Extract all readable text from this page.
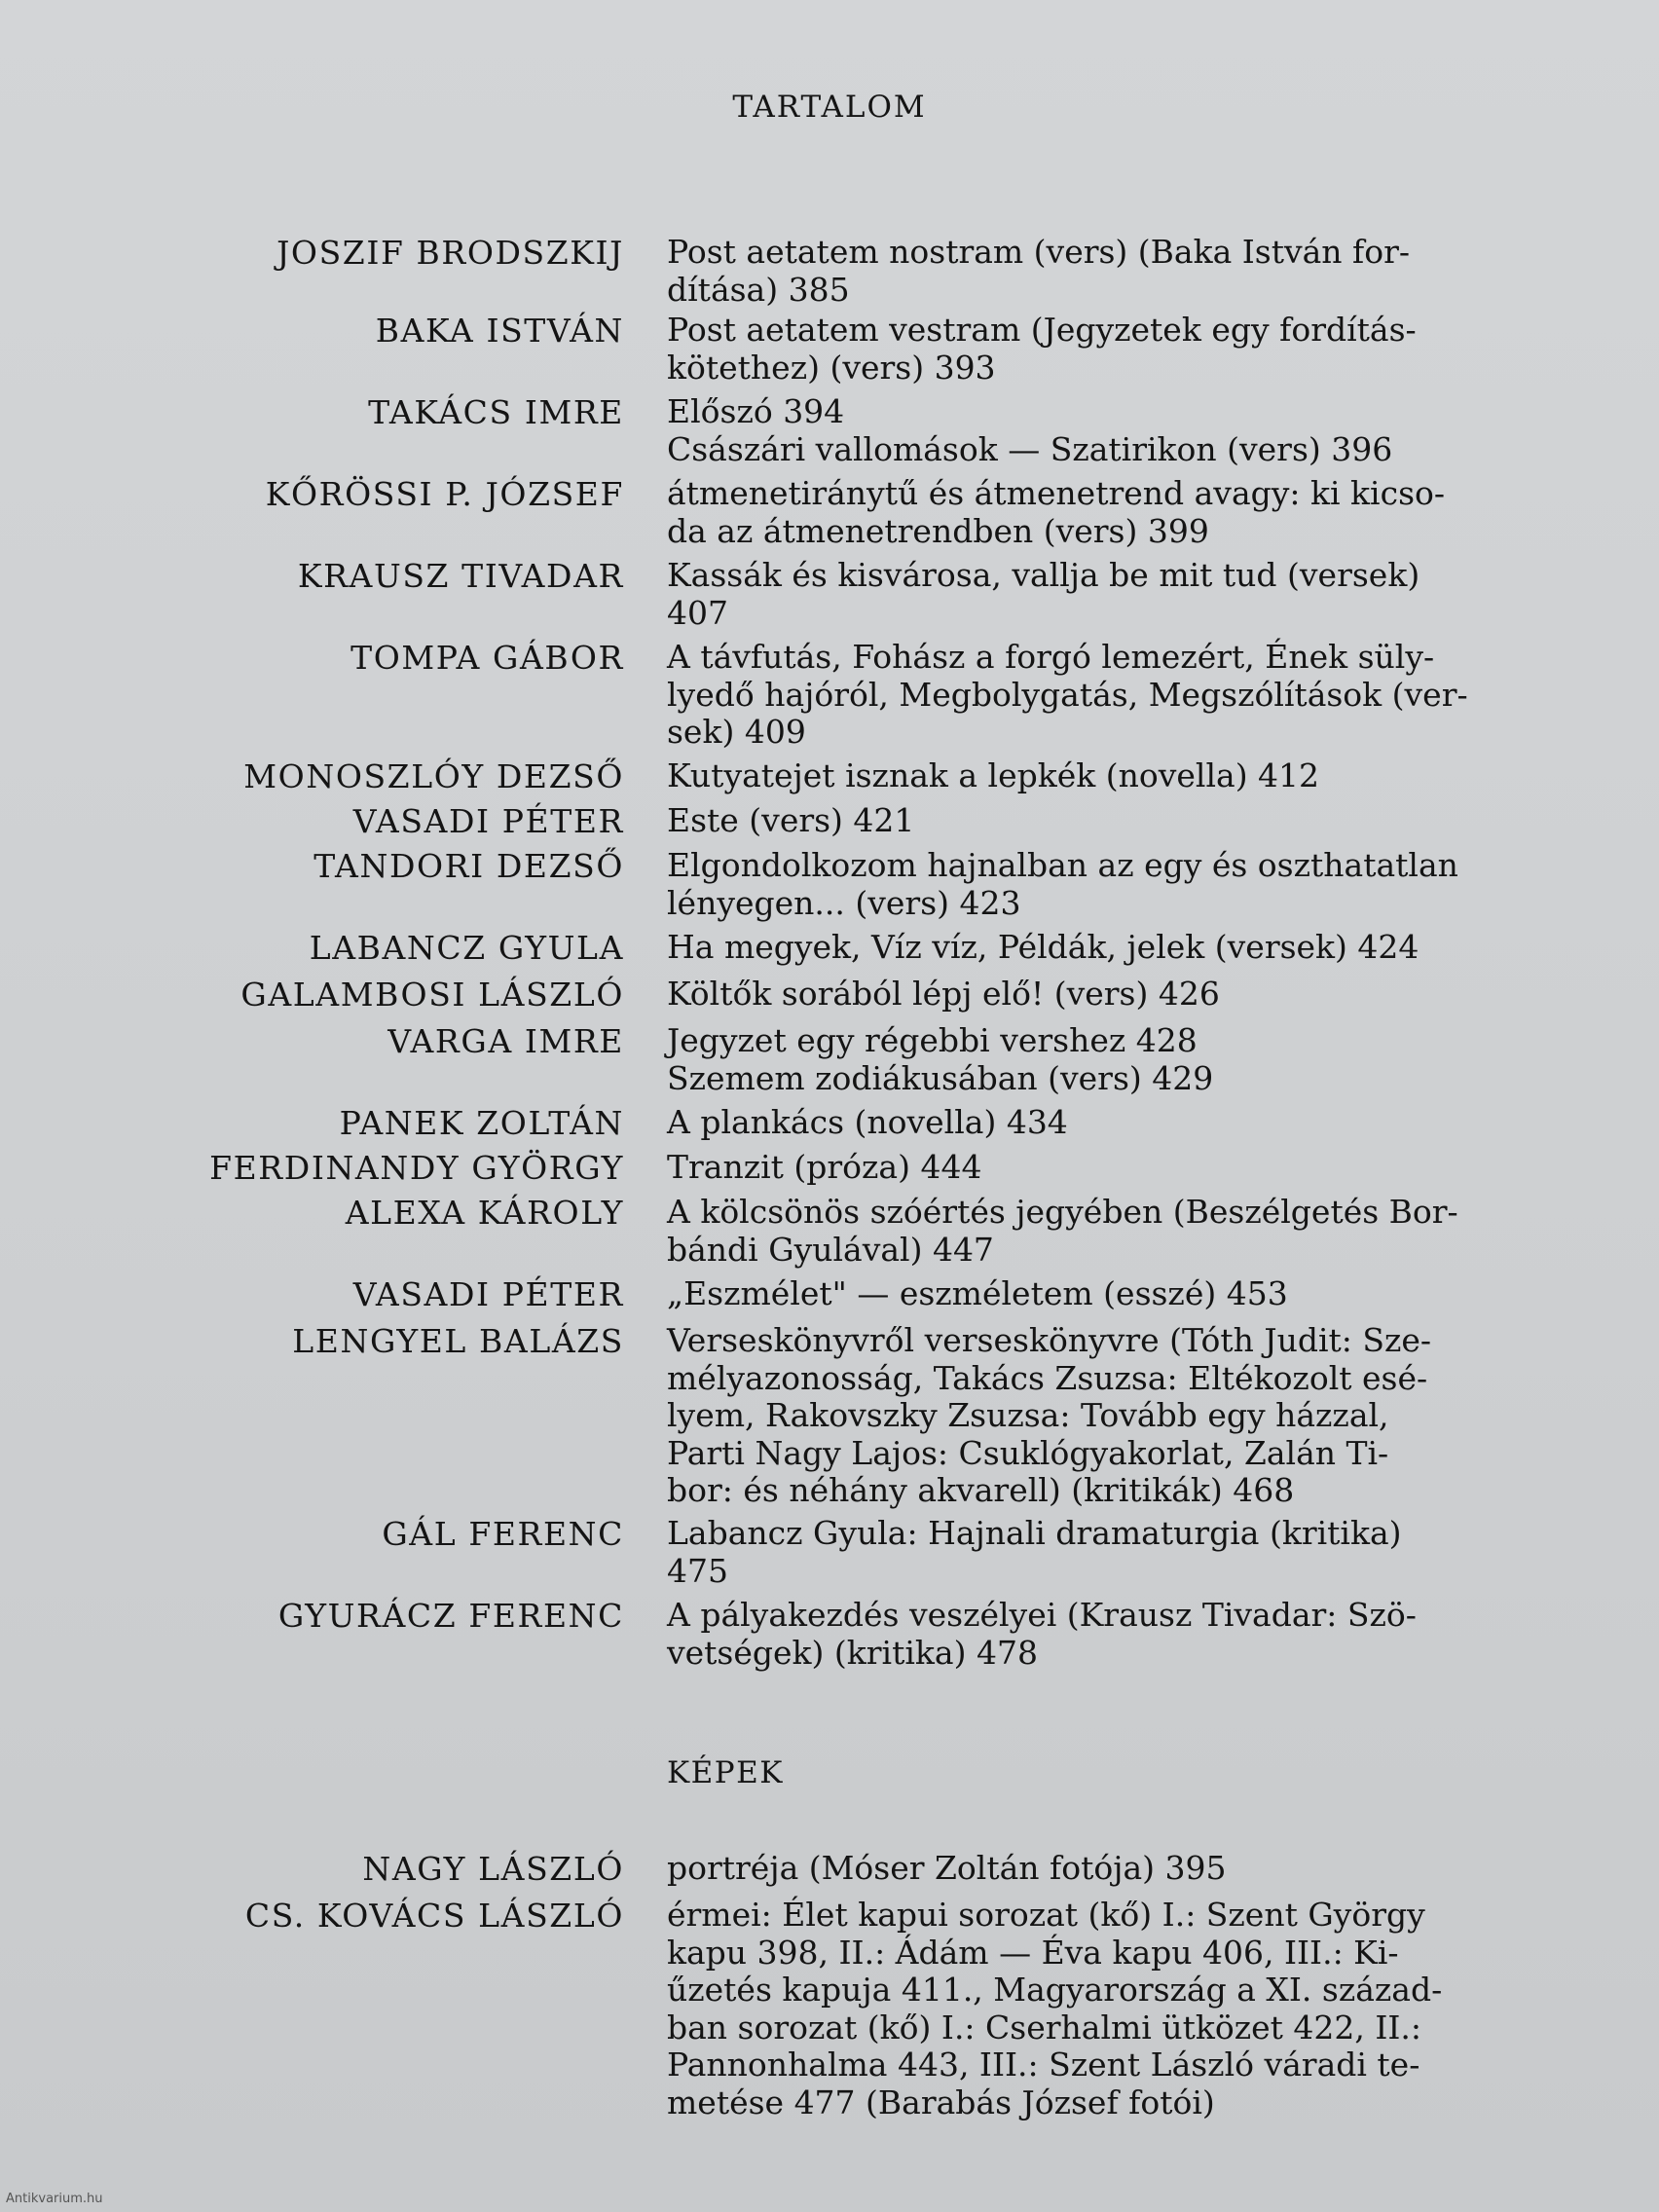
TARTALOM
JOSZIF BRODSZKIJ Post aetatem nostram (vers) (Baka István for-
dítása) 385
BAKA ISTVÁN Post aetatem vestram (Jegyzetek egy fordítás-
kötethez) (vers) 393
TAKÁCS IMRE Előszó 394
Császári vallomások — Szatirikon (vers) 396
KŐRÖSSI P. JÓZSEF átmenetiránytű és átmenetrend avagy: ki kicso-
da az átmenetrendben (vers) 399
KRAUSZ TIVADAR Kassák és kisvárosa, vallja be mit tud (versek)
407
TOMPA GÁBOR A távfutás, Fohász a forgó lemezért, Ének süly-
lyedő hajóról, Megbolygatás, Megszólítások (ver-
sek) 409
MONOSZLÓY DEZSŐ Kutyatejet isznak a lepkék (novella) 412
VASADI PÉTER Este (vers) 421
TANDORI DEZSŐ Elgondolkozom hajnalban az egy és oszthatatlan
lényegen... (vers) 423
LABANCZ GYULA Ha megyek, Víz víz, Példák, jelek (versek) 424
GALAMBOSI LÁSZLÓ Költők sorából lépj elő! (vers) 426
VARGA IMRE Jegyzet egy régebbi vershez 428
Szemem zodiákusában (vers) 429
PANEK ZOLTÁN A plankács (novella) 434
FERDINANDY GYÖRGY Tranzit (próza) 444
ALEXA KÁROLY A kölcsönös szóértés jegyében (Beszélgetés Bor-
bándi Gyulával) 447
VASADI PÉTER „Eszmélet" — eszméletem (esszé) 453
LENGYEL BALÁZS Verseskönyvről verseskönyvre (Tóth Judit: Sze-
mélyazonosság, Takács Zsuzsa: Eltékozolt esé-
lyem, Rakovszky Zsuzsa: Tovább egy házzal,
Parti Nagy Lajos: Csuklógyakorlat, Zalán Ti-
bor: és néhány akvarell) (kritikák) 468
GÁL FERENC Labancz Gyula: Hajnali dramaturgia (kritika)
475
GYURÁCZ FERENC A pályakezdés veszélyei (Krausz Tivadar: Szö-
vetségek) (kritika) 478
KÉPEK
NAGY LÁSZLÓ portréja (Móser Zoltán fotója) 395
CS. KOVÁCS LÁSZLÓ érmei: Élet kapui sorozat (kő) I.: Szent György
kapu 398, II.: Ádám — Éva kapu 406, III.: Ki-
űzetés kapuja 411., Magyarország a XI. század-
ban sorozat (kő) I.: Cserhalmi ütközet 422, II.:
Pannonhalma 443, III.: Szent László váradi te-
metése 477 (Barabás József fotói)
Antikvarium.hu
